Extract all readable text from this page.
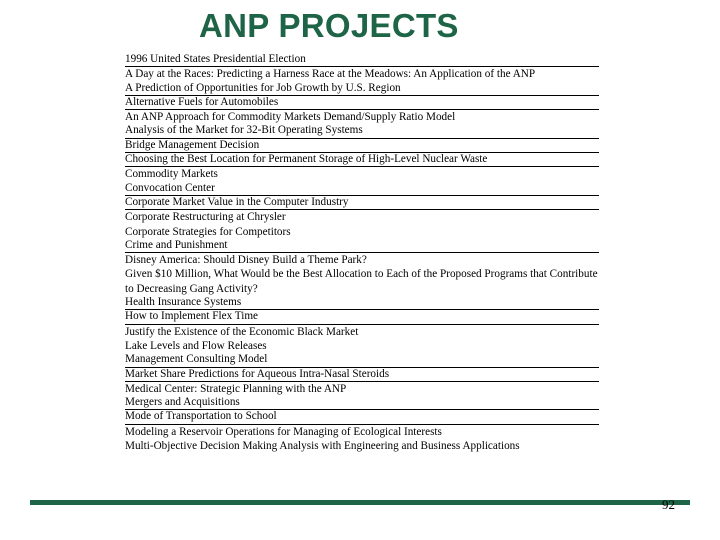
ANP PROJECTS
1996 United States Presidential Election
A Day at the Races: Predicting a Harness Race at the Meadows: An Application of the ANP
A Prediction of Opportunities for Job Growth by U.S. Region
Alternative Fuels for Automobiles
An ANP Approach for Commodity Markets Demand/Supply Ratio Model
Analysis of the Market for 32-Bit Operating Systems
Bridge Management Decision
Choosing the Best Location for Permanent Storage of High-Level Nuclear Waste
Commodity Markets
Convocation Center
Corporate Market Value in the Computer Industry
Corporate Restructuring at Chrysler
Corporate Strategies for Competitors
Crime and Punishment
Disney America: Should Disney Build a Theme Park?
Given $10 Million, What Would be the Best Allocation to Each of the Proposed Programs that Contribute to Decreasing Gang Activity?
Health Insurance Systems
How to Implement Flex Time
Justify the Existence of the Economic Black Market
Lake Levels and Flow Releases
Management Consulting Model
Market Share Predictions for Aqueous Intra-Nasal Steroids
Medical Center: Strategic Planning with the ANP
Mergers and Acquisitions
Mode of Transportation to School
Modeling a Reservoir Operations for Managing of Ecological Interests
Multi-Objective Decision Making Analysis with Engineering and Business Applications
92
